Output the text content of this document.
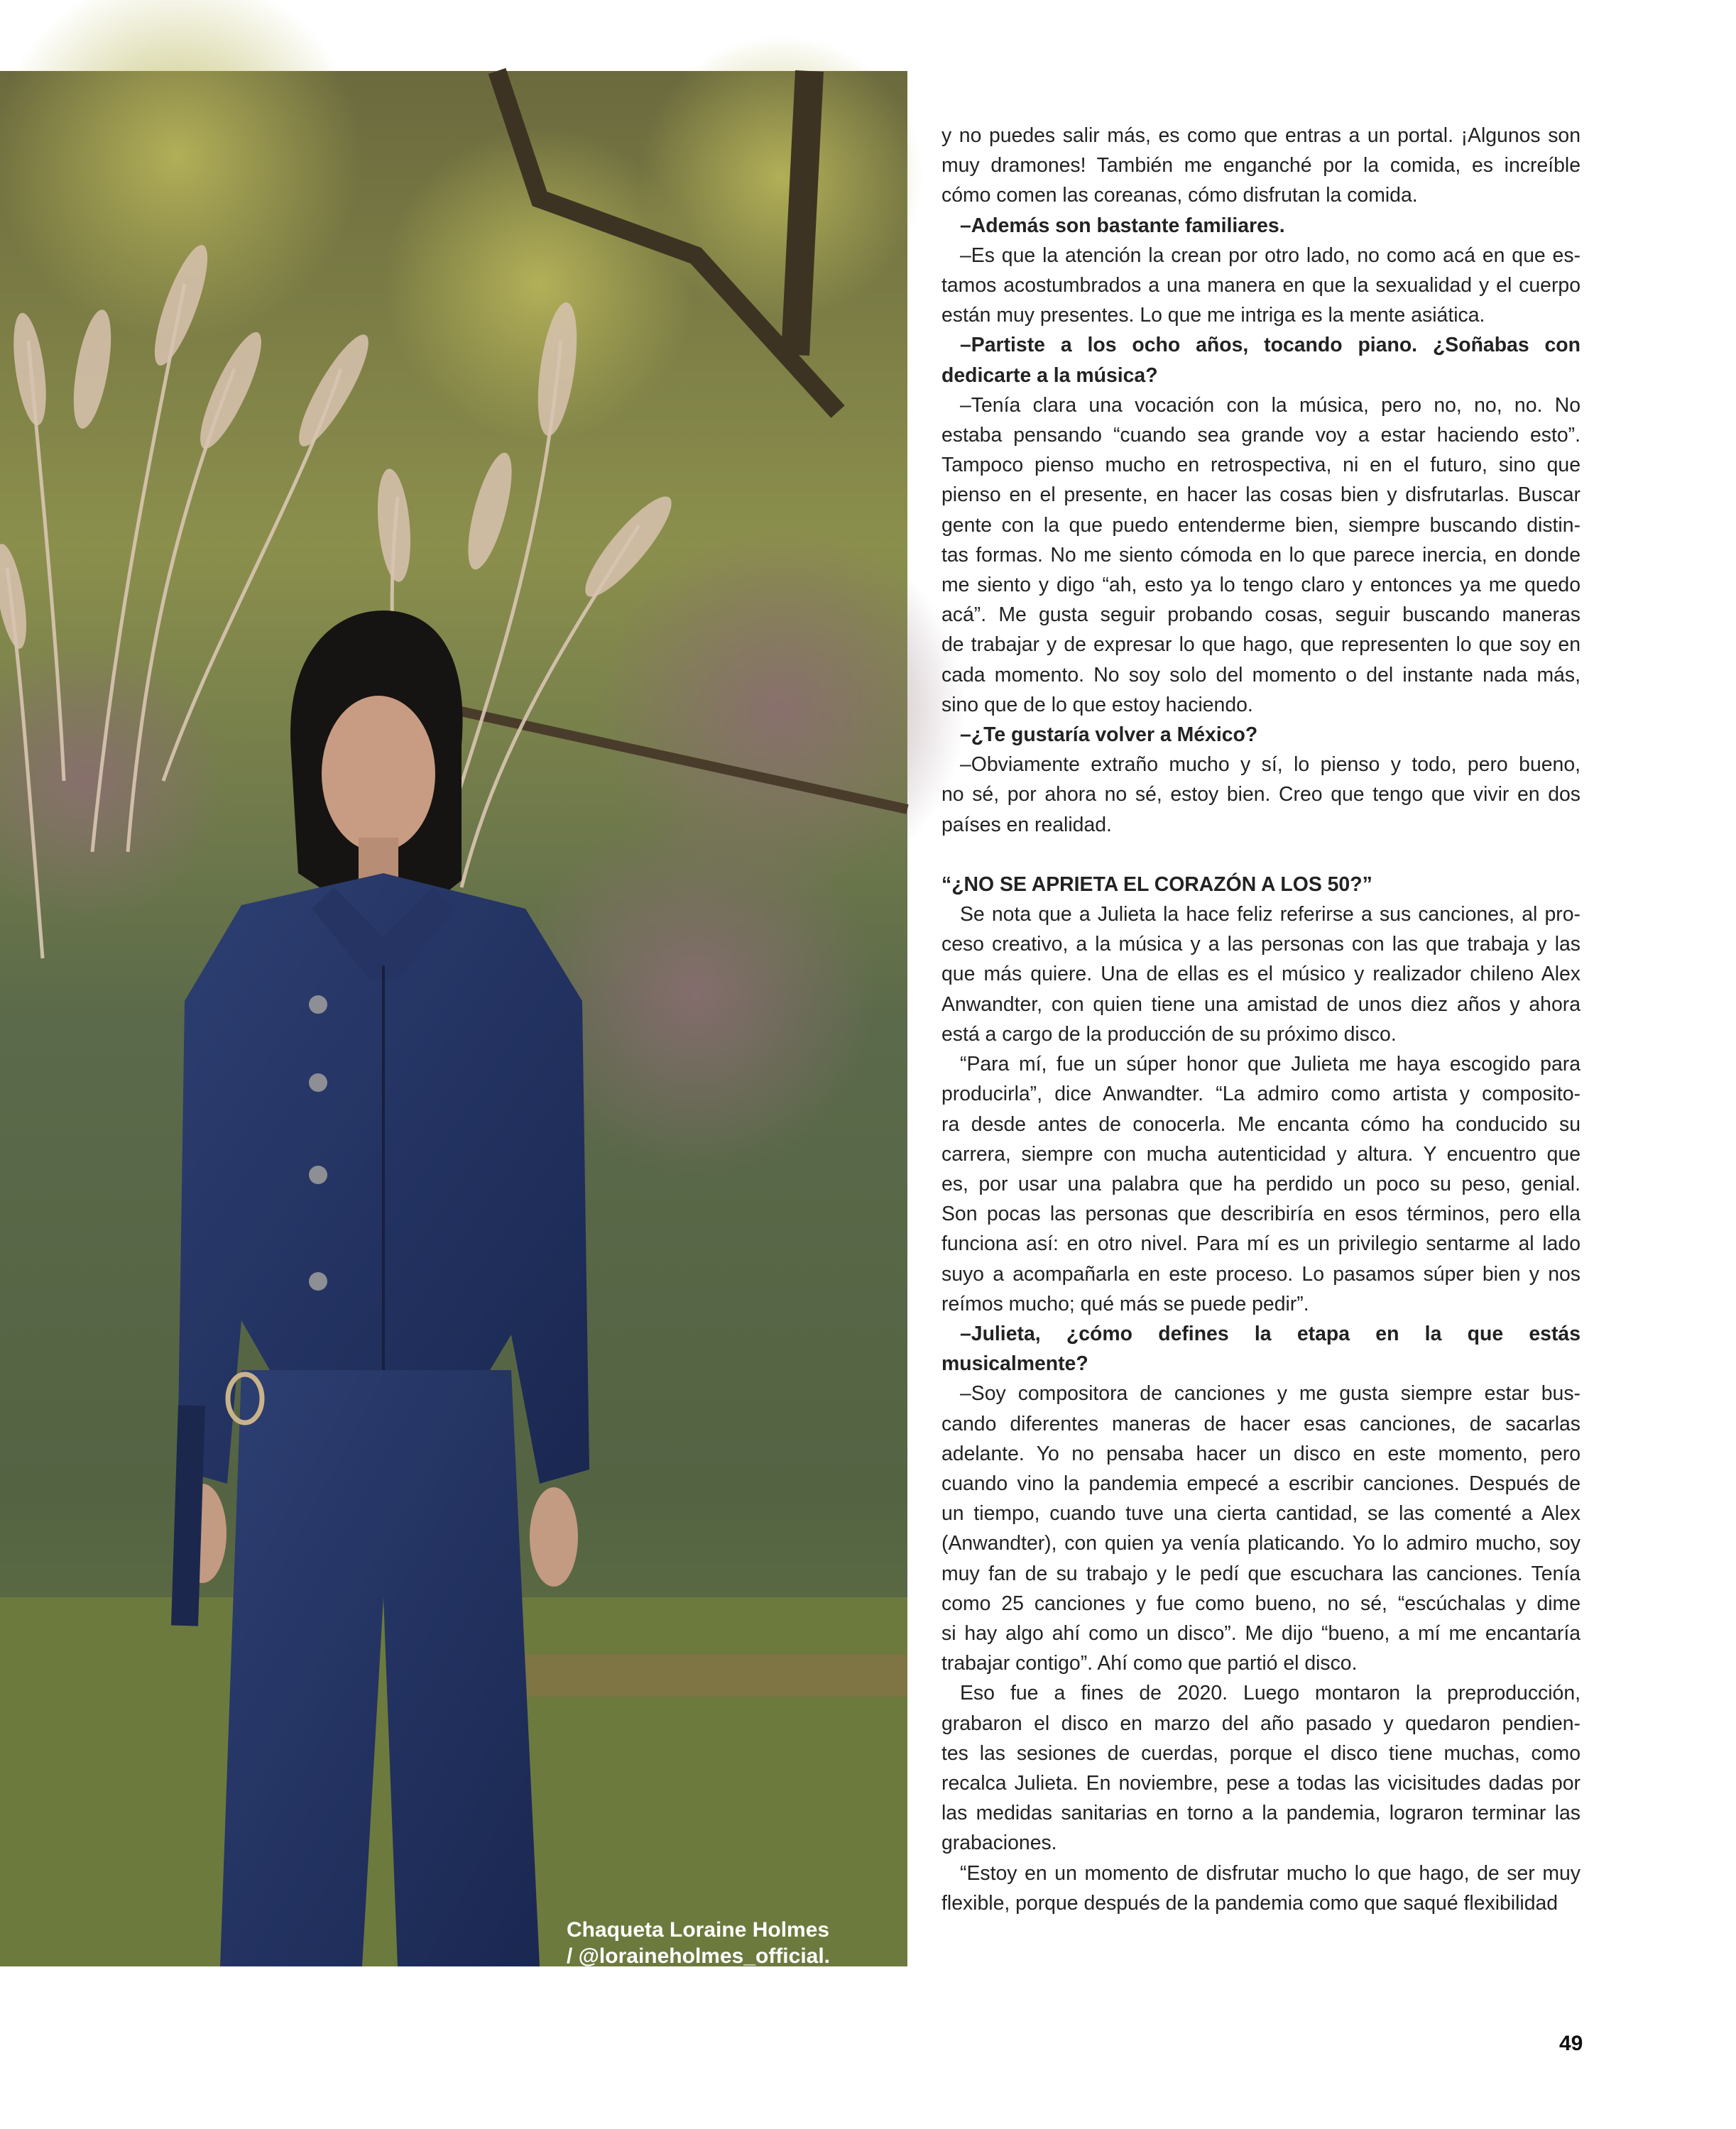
Chaqueta Loraine Holmes
/ @loraineholmes_official.
Flores IG @carritodeflores.
y no puedes salir más, es como que entras a un portal. ¡Algunos son
muy dramones! También me enganché por la comida, es increíble
cómo comen las coreanas, cómo disfrutan la comida.
–Además son bastante familiares.
–Es que la atención la crean por otro lado, no como acá en que es-
tamos acostumbrados a una manera en que la sexualidad y el cuerpo
están muy presentes. Lo que me intriga es la mente asiática.
–Partiste a los ocho años, tocando piano. ¿Soñabas con
dedicarte a la música?
–Tenía clara una vocación con la música, pero no, no, no. No
estaba pensando “cuando sea grande voy a estar haciendo esto”.
Tampoco pienso mucho en retrospectiva, ni en el futuro, sino que
pienso en el presente, en hacer las cosas bien y disfrutarlas. Buscar
gente con la que puedo entenderme bien, siempre buscando distin-
tas formas. No me siento cómoda en lo que parece inercia, en donde
me siento y digo “ah, esto ya lo tengo claro y entonces ya me quedo
acá”. Me gusta seguir probando cosas, seguir buscando maneras
de trabajar y de expresar lo que hago, que representen lo que soy en
cada momento. No soy solo del momento o del instante nada más,
sino que de lo que estoy haciendo.
–¿Te gustaría volver a México?
–Obviamente extraño mucho y sí, lo pienso y todo, pero bueno,
no sé, por ahora no sé, estoy bien. Creo que tengo que vivir en dos
países en realidad.
“¿NO SE APRIETA EL CORAZÓN A LOS 50?”
Se nota que a Julieta la hace feliz referirse a sus canciones, al pro-
ceso creativo, a la música y a las personas con las que trabaja y las
que más quiere. Una de ellas es el músico y realizador chileno Alex
Anwandter, con quien tiene una amistad de unos diez años y ahora
está a cargo de la producción de su próximo disco.
“Para mí, fue un súper honor que Julieta me haya escogido para
producirla”, dice Anwandter. “La admiro como artista y composito-
ra desde antes de conocerla. Me encanta cómo ha conducido su
carrera, siempre con mucha autenticidad y altura. Y encuentro que
es, por usar una palabra que ha perdido un poco su peso, genial.
Son pocas las personas que describiría en esos términos, pero ella
funciona así: en otro nivel. Para mí es un privilegio sentarme al lado
suyo a acompañarla en este proceso. Lo pasamos súper bien y nos
reímos mucho; qué más se puede pedir”.
–Julieta, ¿cómo defines la etapa en la que estás
musicalmente?
–Soy compositora de canciones y me gusta siempre estar bus-
cando diferentes maneras de hacer esas canciones, de sacarlas
adelante. Yo no pensaba hacer un disco en este momento, pero
cuando vino la pandemia empecé a escribir canciones. Después de
un tiempo, cuando tuve una cierta cantidad, se las comenté a Alex
(Anwandter), con quien ya venía platicando. Yo lo admiro mucho, soy
muy fan de su trabajo y le pedí que escuchara las canciones. Tenía
como 25 canciones y fue como bueno, no sé, “escúchalas y dime
si hay algo ahí como un disco”. Me dijo “bueno, a mí me encantaría
trabajar contigo”. Ahí como que partió el disco.
Eso fue a fines de 2020. Luego montaron la preproducción,
grabaron el disco en marzo del año pasado y quedaron pendien-
tes las sesiones de cuerdas, porque el disco tiene muchas, como
recalca Julieta. En noviembre, pese a todas las vicisitudes dadas por
las medidas sanitarias en torno a la pandemia, lograron terminar las
grabaciones.
“Estoy en un momento de disfrutar mucho lo que hago, de ser muy
flexible, porque después de la pandemia como que saqué flexibilidad
49
